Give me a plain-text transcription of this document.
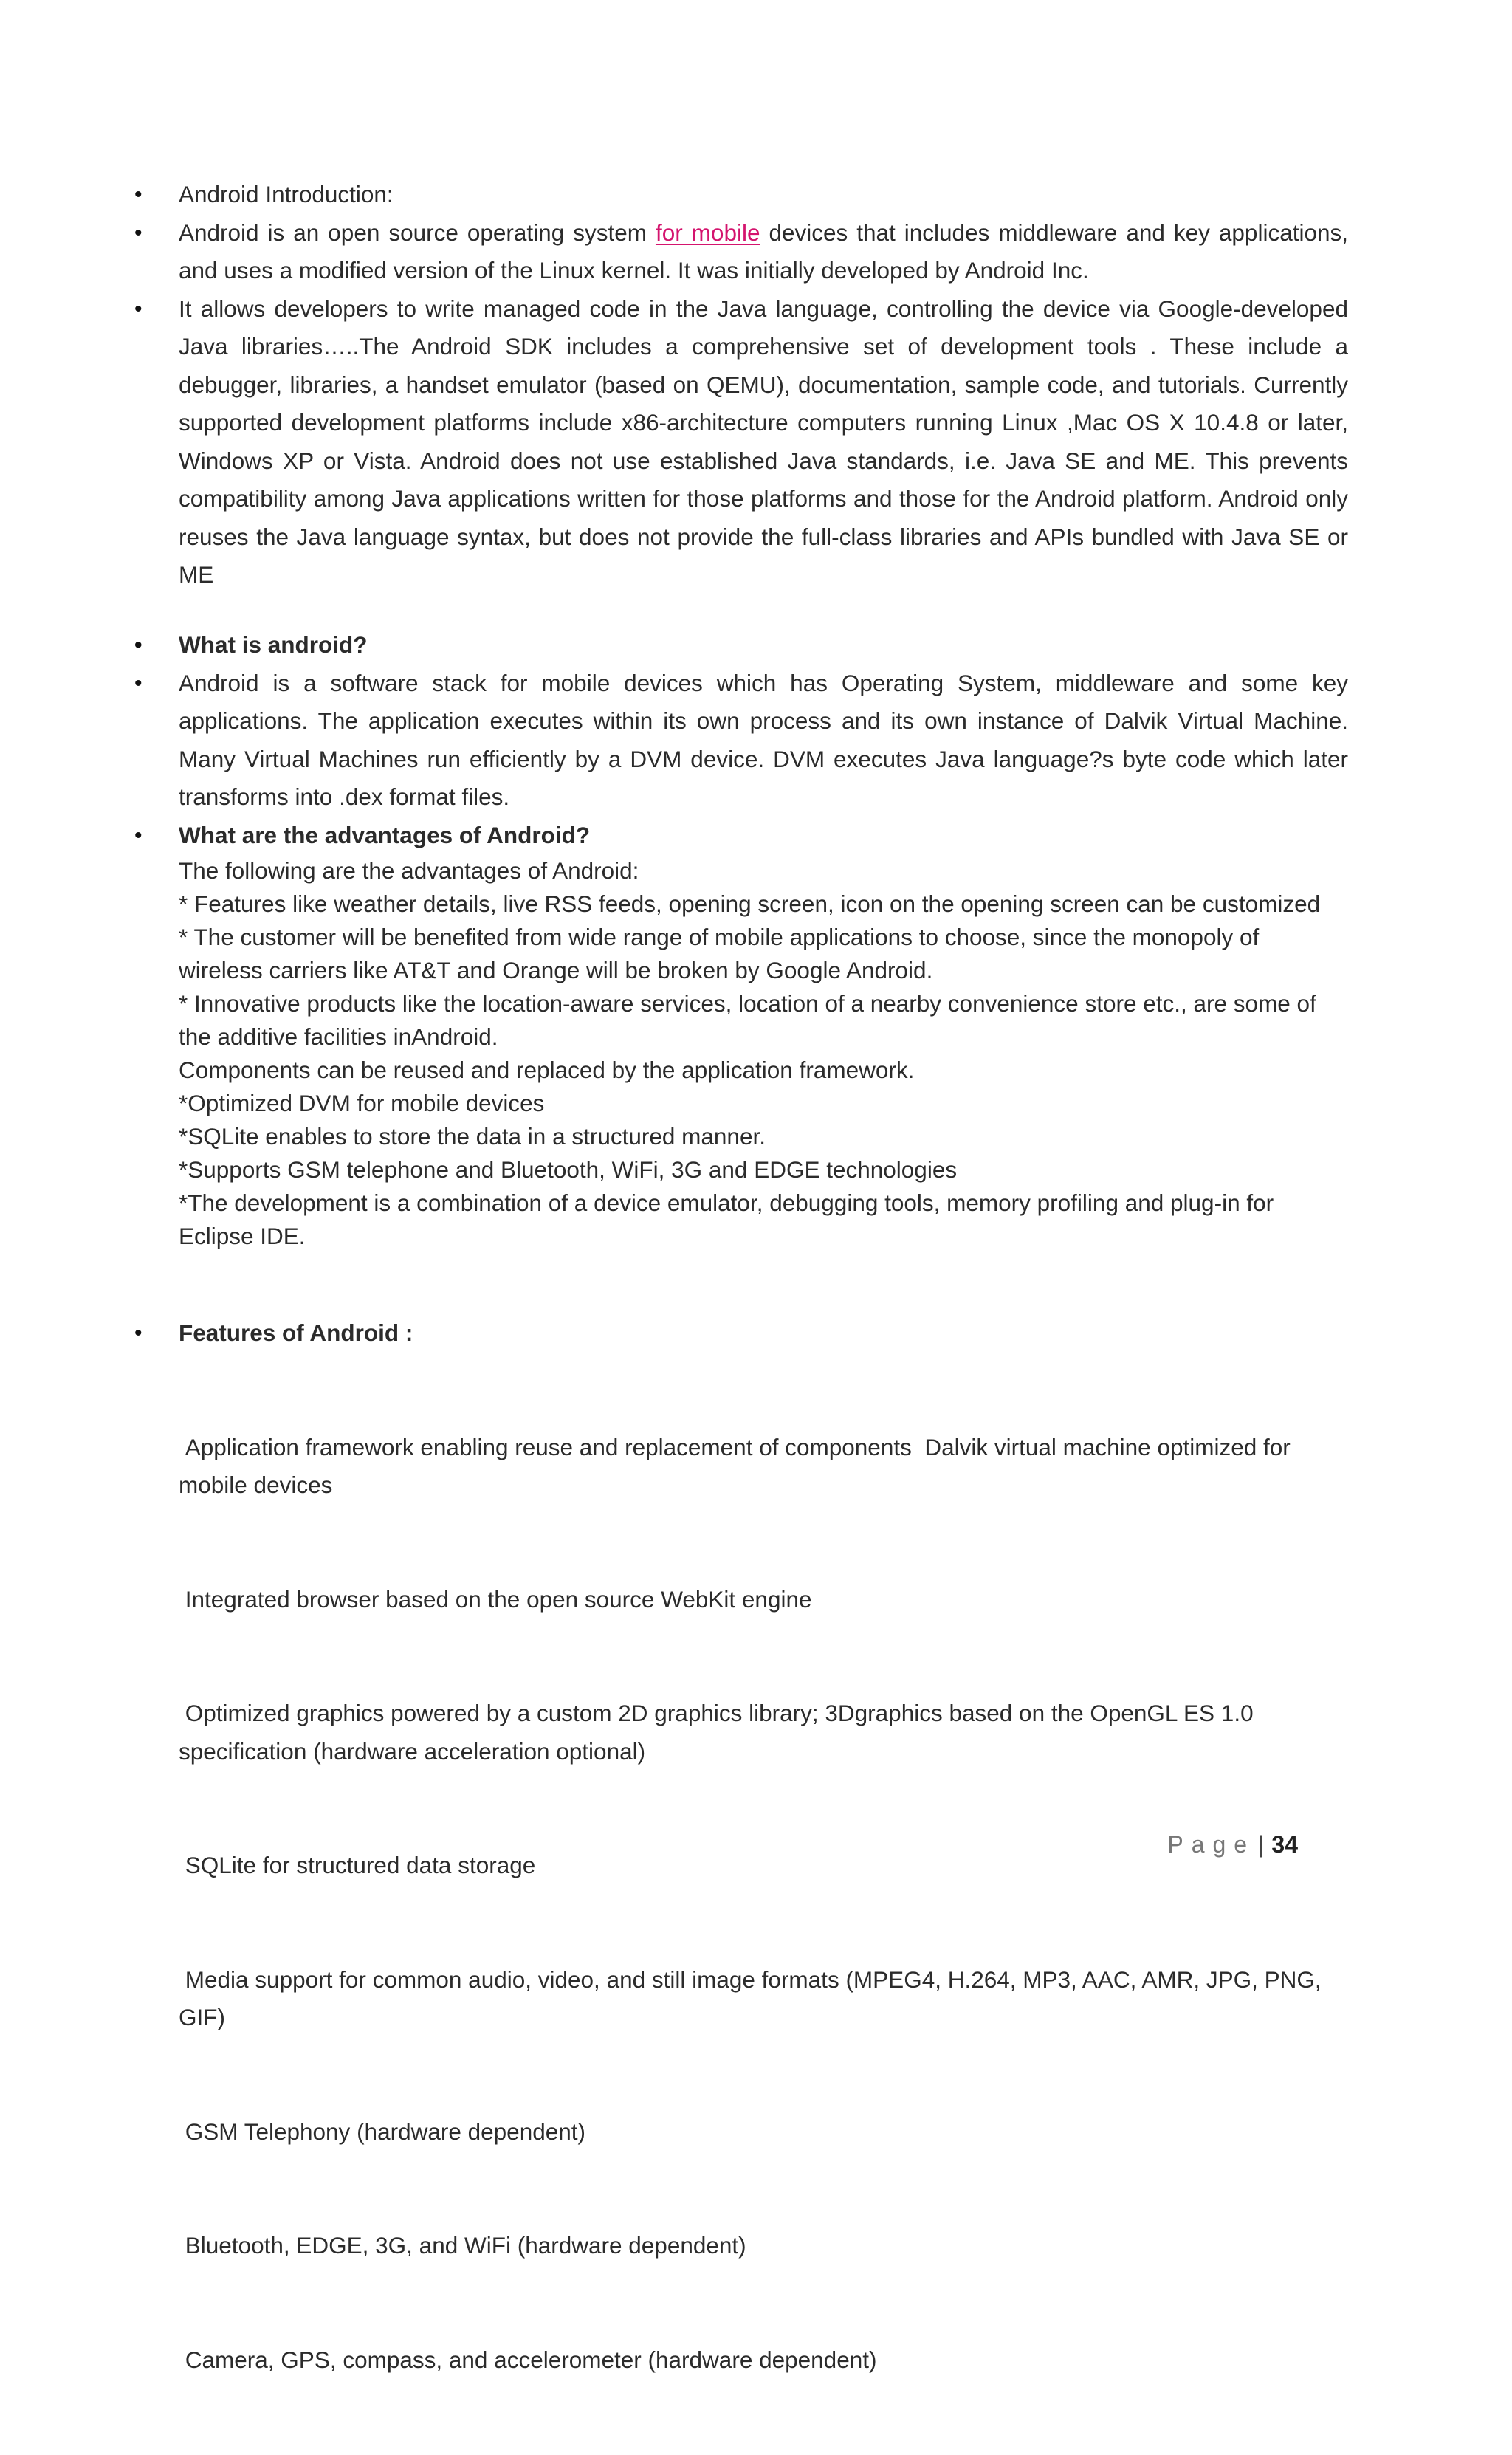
• Android Introduction:
• Android is an open source operating system for mobile devices that includes middleware and key applications, and uses a modified version of the Linux kernel. It was initially developed by Android Inc.
• It allows developers to write managed code in the Java language, controlling the device via Google-developed Java libraries…..The Android SDK includes a comprehensive set of development tools . These include a debugger, libraries, a handset emulator (based on QEMU), documentation, sample code, and tutorials. Currently supported development platforms include x86-architecture computers running Linux ,Mac OS X 10.4.8 or later, Windows XP or Vista. Android does not use established Java standards, i.e. Java SE and ME. This prevents compatibility among Java applications written for those platforms and those for the Android platform. Android only reuses the Java language syntax, but does not provide the full-class libraries and APIs bundled with Java SE or ME
• What is android?
• Android is a software stack for mobile devices which has Operating System, middleware and some key applications. The application executes within its own process and its own instance of Dalvik Virtual Machine. Many Virtual Machines run efficiently by a DVM device. DVM executes Java language?s byte code which later transforms into .dex format files.
• What are the advantages of Android?
The following are the advantages of Android:
* Features like weather details, live RSS feeds, opening screen, icon on the opening screen can be customized
* The customer will be benefited from wide range of mobile applications to choose, since the monopoly of wireless carriers like AT&T and Orange will be broken by Google Android.
* Innovative products like the location-aware services, location of a nearby convenience store etc., are some of the additive facilities inAndroid.
Components can be reused and replaced by the application framework.
*Optimized DVM for mobile devices
*SQLite enables to store the data in a structured manner.
*Supports GSM telephone and Bluetooth, WiFi, 3G and EDGE technologies
*The development is a combination of a device emulator, debugging tools, memory profiling and plug-in for Eclipse IDE.
• Features of Android :

Application framework enabling reuse and replacement of components  Dalvik virtual machine optimized for mobile devices

Integrated browser based on the open source WebKit engine

Optimized graphics powered by a custom 2D graphics library; 3Dgraphics based on the OpenGL ES 1.0 specification (hardware acceleration optional)

SQLite for structured data storage

Media support for common audio, video, and still image formats (MPEG4, H.264, MP3, AAC, AMR, JPG, PNG, GIF)

GSM Telephony (hardware dependent)

Bluetooth, EDGE, 3G, and WiFi (hardware dependent)

Camera, GPS, compass, and accelerometer (hardware dependent)

Page | 34
